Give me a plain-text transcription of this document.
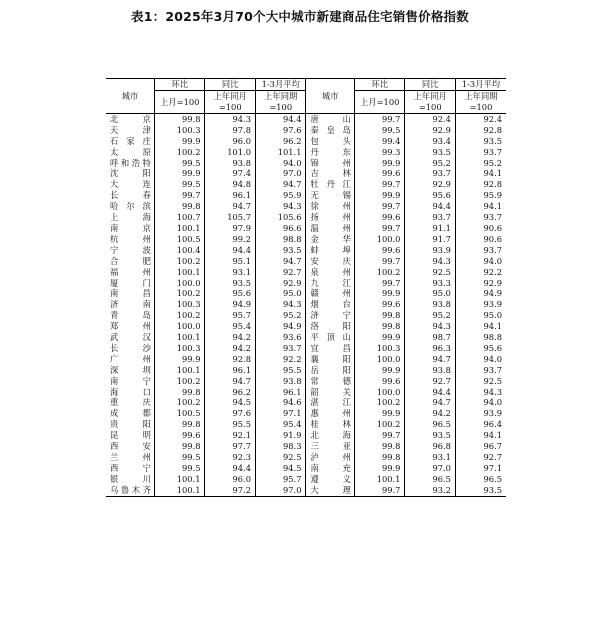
表1：2025年3月70个大中城市新建商品住宅销售价格指数
城市	环比	同比	1-3月平均	城市	环比	同比	1-3月平均
	上月=100	上年同月	上年同期		上月=100	上年同月	上年同期
		=100	=100			=100	=100
北　京	99.8	94.3	94.4	唐　山	99.7	92.4	92.4
天　津	100.3	97.8	97.6	秦皇岛	99.5	92.9	92.8
石家庄	99.9	96.0	96.2	包　头	99.4	93.4	93.5
太　原	100.2	101.0	101.1	丹　东	99.3	93.5	93.7
呼和浩特	99.5	93.8	94.0	锦　州	99.9	95.2	95.2
沈　阳	99.9	97.4	97.0	吉　林	99.6	93.7	94.1
大　连	99.5	94.8	94.7	牡丹江	99.7	92.9	92.8
长　春	99.7	96.1	95.9	无　锡	99.9	95.6	95.9
哈尔滨	99.8	94.7	94.3	徐　州	99.7	94.4	94.1
上　海	100.7	105.7	105.6	扬　州	99.6	93.7	93.7
南　京	100.1	97.9	96.6	温　州	99.7	91.1	90.6
杭　州	100.5	99.2	98.8	金　华	100.0	91.7	90.6
宁　波	100.4	94.4	93.5	蚌　埠	99.6	93.9	93.7
合　肥	100.2	95.1	94.7	安　庆	99.7	94.3	94.0
福　州	100.1	93.1	92.7	泉　州	100.2	92.5	92.2
厦　门	100.0	93.5	92.9	九　江	99.7	93.3	92.9
南　昌	100.2	95.6	95.0	赣　州	99.9	95.0	94.9
济　南	100.3	94.9	94.3	烟　台	99.6	93.8	93.9
青　岛	100.2	95.7	95.2	济　宁	99.8	95.2	95.0
郑　州	100.0	95.4	94.9	洛　阳	99.8	94.3	94.1
武　汉	100.1	94.2	93.6	平顶山	99.9	98.7	98.8
长　沙	100.3	94.2	93.7	宜　昌	100.3	96.3	95.6
广　州	99.9	92.8	92.2	襄　阳	100.0	94.7	94.0
深　圳	100.1	96.1	95.5	岳　阳	99.9	93.8	93.7
南　宁	100.2	94.7	93.8	常　德	99.6	92.7	92.5
海　口	99.8	96.2	96.1	韶　关	100.0	94.4	94.3
重　庆	100.2	94.5	94.6	湛　江	100.2	94.7	94.0
成　都	100.5	97.6	97.1	惠　州	99.9	94.2	93.9
贵　阳	99.8	95.5	95.4	桂　林	100.2	96.5	96.4
昆　明	99.6	92.1	91.9	北　海	99.7	93.5	94.1
西　安	99.8	97.7	98.3	三　亚	99.8	96.8	96.7
兰　州	99.5	92.3	92.5	泸　州	99.8	93.1	92.7
西　宁	99.5	94.4	94.5	南　充	99.9	97.0	97.1
银　川	100.1	96.0	95.7	遵　义	100.1	96.5	96.5
乌鲁木齐	100.1	97.2	97.0	大　理	99.7	93.2	93.5
